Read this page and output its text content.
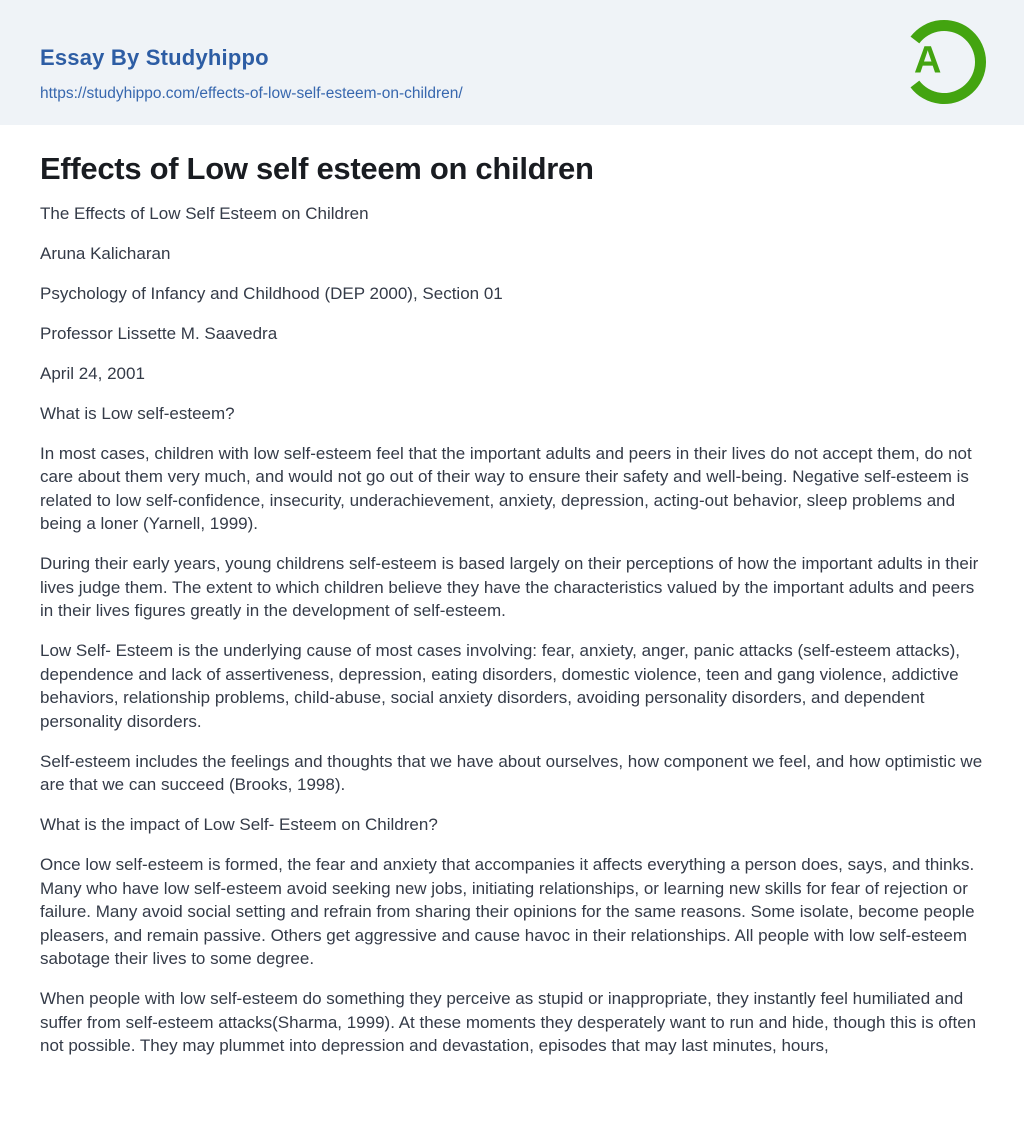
Essay By Studyhippo
https://studyhippo.com/effects-of-low-self-esteem-on-children/
A
Effects of Low self esteem on children

The Effects of Low Self Esteem on Children

Aruna Kalicharan

Psychology of Infancy and Childhood (DEP 2000), Section 01

Professor Lissette M. Saavedra

April 24, 2001

What is Low self-esteem?

In most cases, children with low self-esteem feel that the important adults and peers in their lives do not accept them, do not care about them very much, and would not go out of their way to ensure their safety and well-being. Negative self-esteem is related to low self-confidence, insecurity, underachievement, anxiety, depression, acting-out behavior, sleep problems and being a loner (Yarnell, 1999).

During their early years, young childrens self-esteem is based largely on their perceptions of how the important adults in their lives judge them. The extent to which children believe they have the characteristics valued by the important adults and peers in their lives figures greatly in the development of self-esteem.

Low Self- Esteem is the underlying cause of most cases involving: fear, anxiety, anger, panic attacks (self-esteem attacks), dependence and lack of assertiveness, depression, eating disorders, domestic violence, teen and gang violence, addictive behaviors, relationship problems, child-abuse, social anxiety disorders, avoiding personality disorders, and dependent personality disorders.

Self-esteem includes the feelings and thoughts that we have about ourselves, how component we feel, and how optimistic we are that we can succeed (Brooks, 1998).

What is the impact of Low Self- Esteem on Children?

Once low self-esteem is formed, the fear and anxiety that accompanies it affects everything a person does, says, and thinks. Many who have low self-esteem avoid seeking new jobs, initiating relationships, or learning new skills for fear of rejection or failure. Many avoid social setting and refrain from sharing their opinions for the same reasons. Some isolate, become people pleasers, and remain passive. Others get aggressive and cause havoc in their relationships. All people with low self-esteem sabotage their lives to some degree.

When people with low self-esteem do something they perceive as stupid or inappropriate, they instantly feel humiliated and suffer from self-esteem attacks(Sharma, 1999). At these moments they desperately want to run and hide, though this is often not possible. They may plummet into depression and devastation, episodes that may last minutes, hours,
